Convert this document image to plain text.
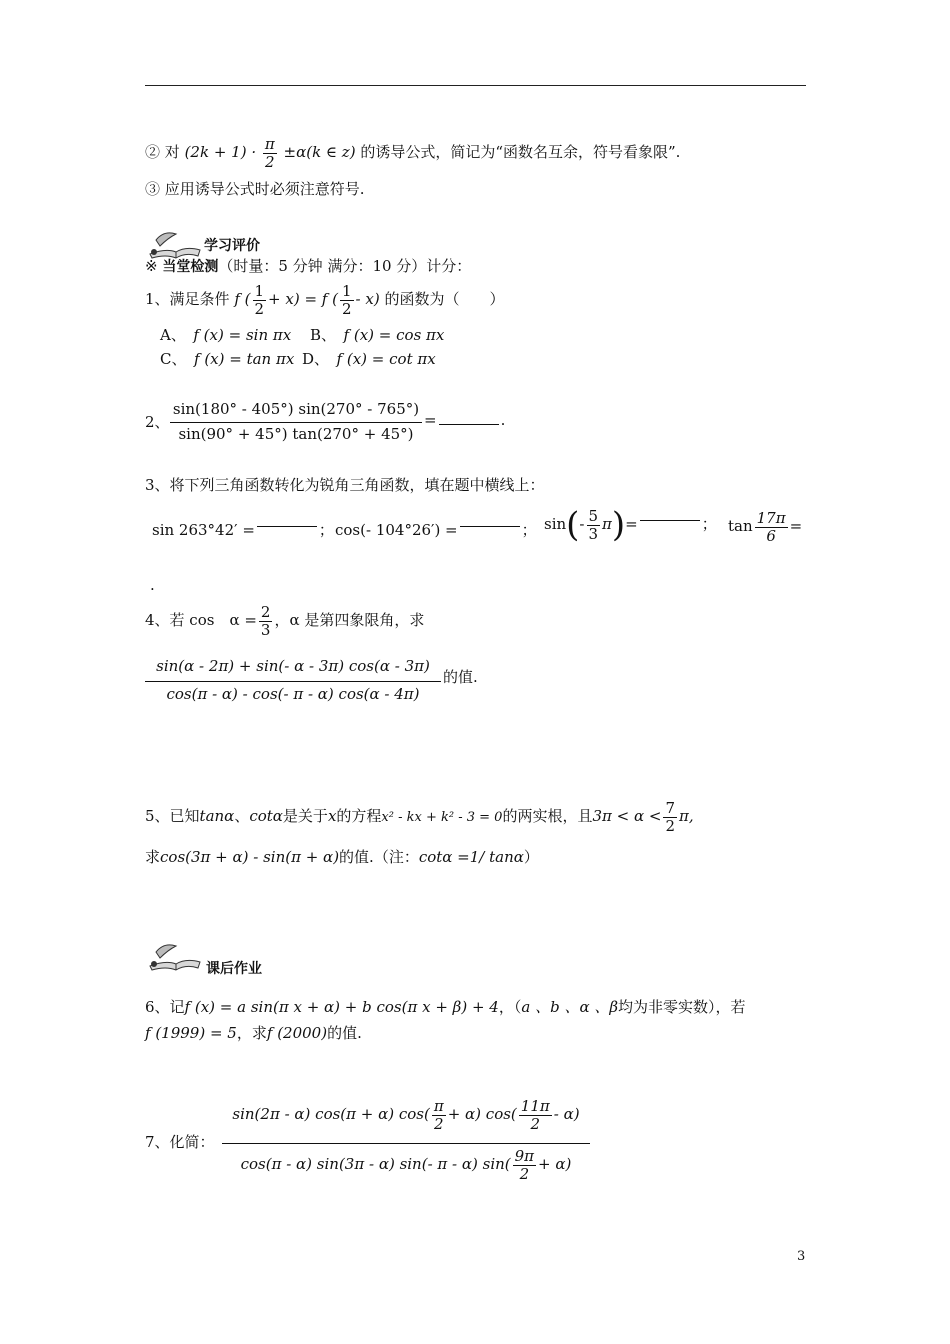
② 对 $(2k + 1) \cdot \frac{\pi}{2} \pm\alpha(k$ ∈ z) 的诱导公式，简记为“函数名互余，符号看象限”.
③ 应用诱导公式时必须注意符号.
学习评价
※ 当堂检测（时量：5 分钟 满分：10 分）计分：
1、满足条件 f ( $\frac{1}{2} + x) = f$ ( $\frac{1}{2} - x$) 的函数为（　　）
A、　 f (x) = sin πx B、　 f (x) = cos πx
C、　 f (x) = tan πx D、　 f (x) = cot πx
2、
sin(180° - 405°) sin(270° - 765°)
sin(90° + 45°) tan(270° + 45°)
=	.
3、将下列三角函数转化为锐角三角函数，填在题中横线上：
sin 263°42′ =	； cos(- 104°26′) =	； $\sin(- \frac{5}{3} \pi)=$	； $\tan \frac{17\pi}{6}$ =
.
4、若 cos　$\alpha = \frac{2}{3}$ ，α 是第四象限角，求
sin(α - 2π) + sin(- α - 3π) cos(α - 3π)
cos(π - α) - cos(- π - α) cos(α - 4π)
的值.
5、已知tanα、cotα是关于x的方程x² - kx + k² - 3 = 0的两实根，且$3\pi < \alpha < \frac{7}{2} \pi$,
求cos(3π + α) - sin(π + α)的值.（注：cotα =1/ tanα）
课后作业
6、记f (x) = a sin(π x + α) + b cos(π x + β) + 4，（a 、b 、α 、β均为非零实数），若
f (1999) = 5，求f (2000)的值.
7、化简：
sin(2π - α) cos(π + α) $\cos( \frac{\pi}{2} + \alpha)$ $\cos( \frac{11\pi}{2} - \alpha)$
cos(π - α) sin(3π - α) sin(- π - α) $\sin( \frac{9\pi}{2} + \alpha)$
3
